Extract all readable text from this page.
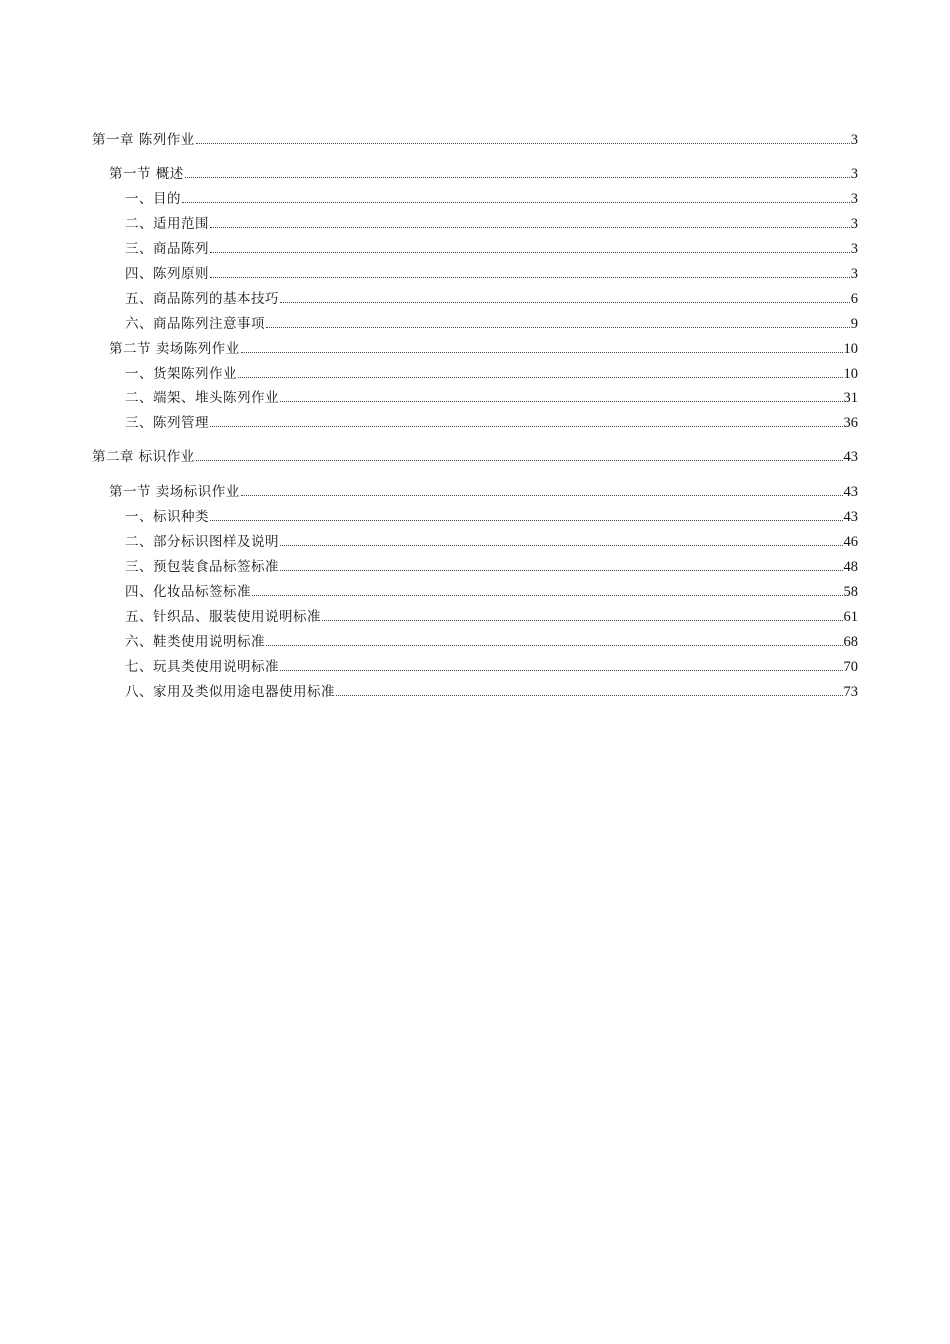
第一章 陈列作业	3
第一节 概述	3
一、目的	3
二、适用范围	3
三、商品陈列	3
四、陈列原则	3
五、商品陈列的基本技巧	6
六、商品陈列注意事项	9
第二节 卖场陈列作业	10
一、货架陈列作业	10
二、端架、堆头陈列作业	31
三、陈列管理	36
第二章 标识作业	43
第一节 卖场标识作业	43
一、标识种类	43
二、部分标识图样及说明	46
三、预包装食品标签标准	48
四、化妆品标签标准	58
五、针织品、服装使用说明标准	61
六、鞋类使用说明标准	68
七、玩具类使用说明标准	70
八、家用及类似用途电器使用标准	73
